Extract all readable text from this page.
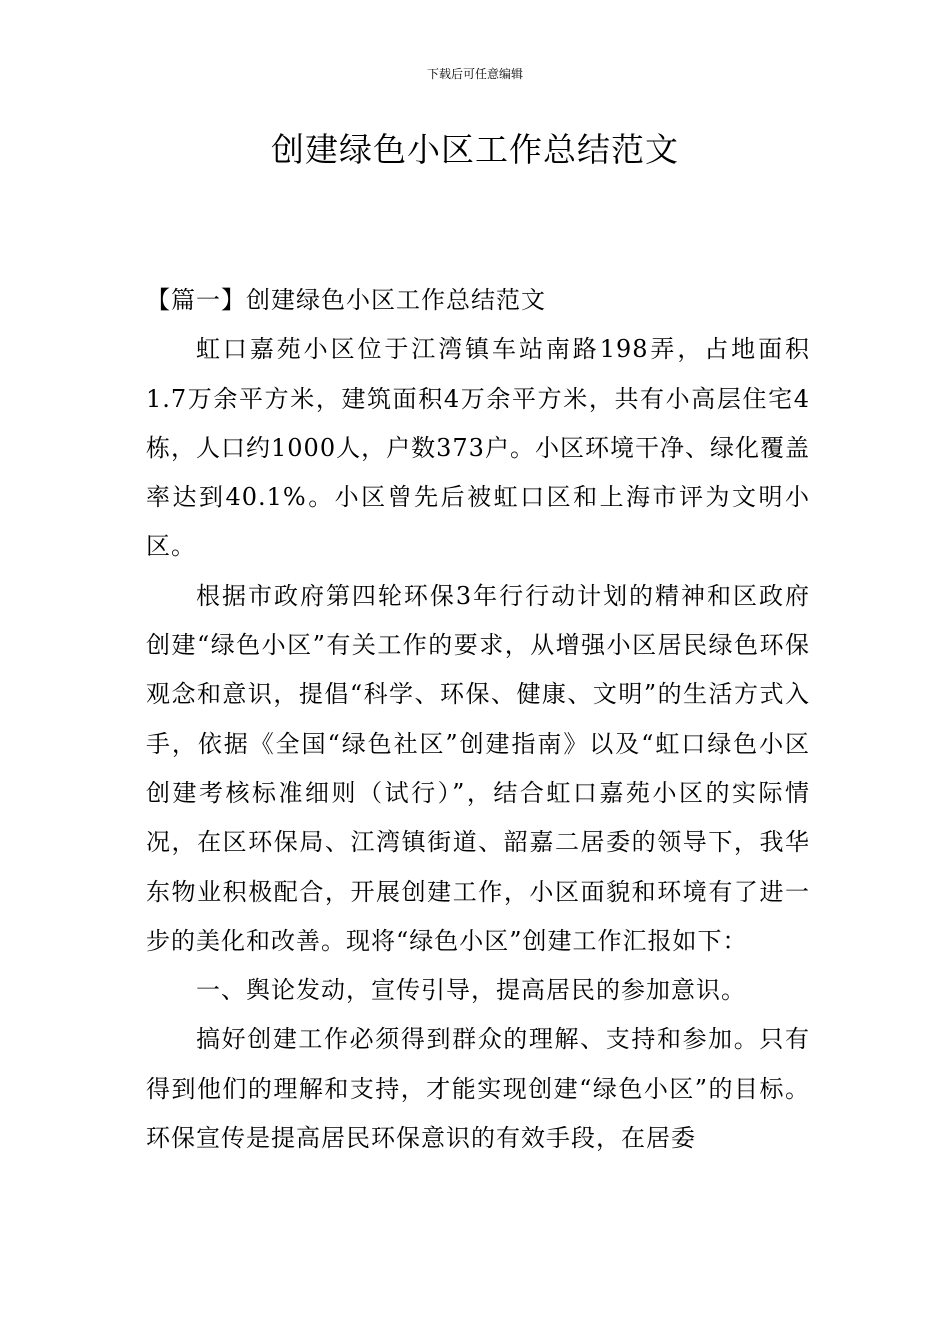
下载后可任意编辑
创建绿色小区工作总结范文

【篇一】创建绿色小区工作总结范文

虹口嘉苑小区位于江湾镇车站南路198弄，占地面积1.7万余平方米，建筑面积4万余平方米，共有小高层住宅4栋，人口约1000人，户数373户。小区环境干净、绿化覆盖率达到40.1%。小区曾先后被虹口区和上海市评为文明小区。

根据市政府第四轮环保3年行行动计划的精神和区政府创建“绿色小区”有关工作的要求，从增强小区居民绿色环保观念和意识，提倡“科学、环保、健康、文明”的生活方式入手，依据《全国“绿色社区”创建指南》以及“虹口绿色小区创建考核标准细则（试行）”，结合虹口嘉苑小区的实际情况，在区环保局、江湾镇街道、韶嘉二居委的领导下，我华东物业积极配合，开展创建工作，小区面貌和环境有了进一步的美化和改善。现将“绿色小区”创建工作汇报如下：

一、舆论发动，宣传引导，提高居民的参加意识。

搞好创建工作必须得到群众的理解、支持和参加。只有得到他们的理解和支持，才能实现创建“绿色小区”的目标。环保宣传是提高居民环保意识的有效手段，在居委
